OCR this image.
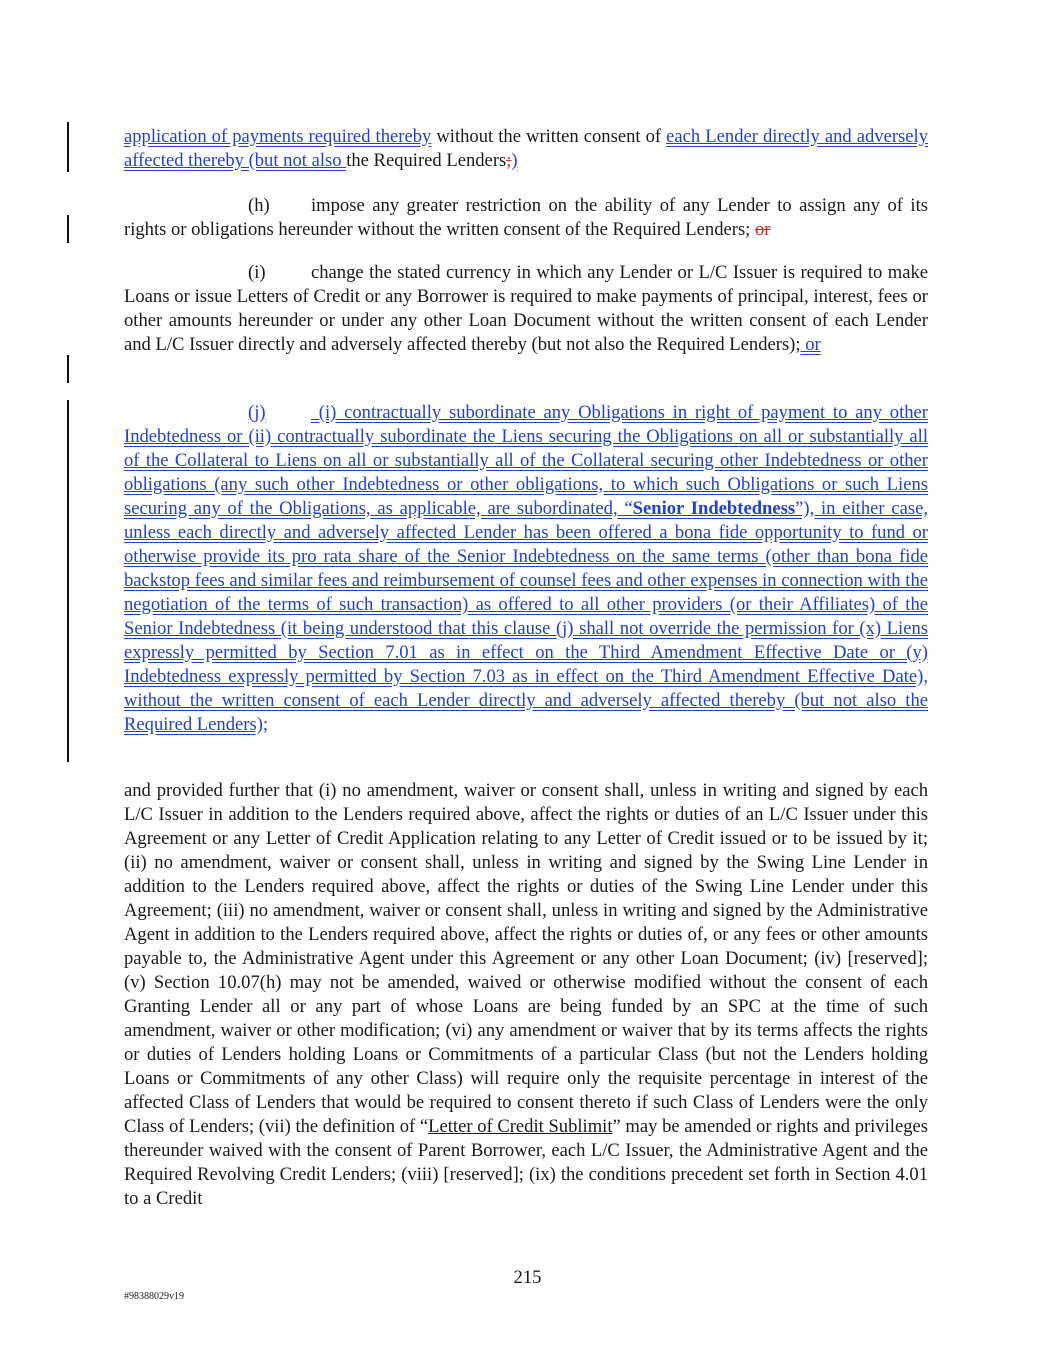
application of payments required thereby without the written consent of each Lender directly and adversely affected thereby (but not also the Required Lenders;)

(h) impose any greater restriction on the ability of any Lender to assign any of its rights or obligations hereunder without the written consent of the Required Lenders; or

(i) change the stated currency in which any Lender or L/C Issuer is required to make Loans or issue Letters of Credit or any Borrower is required to make payments of principal, interest, fees or other amounts hereunder or under any other Loan Document without the written consent of each Lender and L/C Issuer directly and adversely affected thereby (but not also the Required Lenders); or

(j) (i) contractually subordinate any Obligations in right of payment to any other Indebtedness or (ii) contractually subordinate the Liens securing the Obligations on all or substantially all of the Collateral to Liens on all or substantially all of the Collateral securing other Indebtedness or other obligations (any such other Indebtedness or other obligations, to which such Obligations or such Liens securing any of the Obligations, as applicable, are subordinated, “Senior Indebtedness”), in either case, unless each directly and adversely affected Lender has been offered a bona fide opportunity to fund or otherwise provide its pro rata share of the Senior Indebtedness on the same terms (other than bona fide backstop fees and similar fees and reimbursement of counsel fees and other expenses in connection with the negotiation of the terms of such transaction) as offered to all other providers (or their Affiliates) of the Senior Indebtedness (it being understood that this clause (j) shall not override the permission for (x) Liens expressly permitted by Section 7.01 as in effect on the Third Amendment Effective Date or (y) Indebtedness expressly permitted by Section 7.03 as in effect on the Third Amendment Effective Date), without the written consent of each Lender directly and adversely affected thereby (but not also the Required Lenders);

and provided further that (i) no amendment, waiver or consent shall, unless in writing and signed by each L/C Issuer in addition to the Lenders required above, affect the rights or duties of an L/C Issuer under this Agreement or any Letter of Credit Application relating to any Letter of Credit issued or to be issued by it; (ii) no amendment, waiver or consent shall, unless in writing and signed by the Swing Line Lender in addition to the Lenders required above, affect the rights or duties of the Swing Line Lender under this Agreement; (iii) no amendment, waiver or consent shall, unless in writing and signed by the Administrative Agent in addition to the Lenders required above, affect the rights or duties of, or any fees or other amounts payable to, the Administrative Agent under this Agreement or any other Loan Document; (iv) [reserved]; (v) Section 10.07(h) may not be amended, waived or otherwise modified without the consent of each Granting Lender all or any part of whose Loans are being funded by an SPC at the time of such amendment, waiver or other modification; (vi) any amendment or waiver that by its terms affects the rights or duties of Lenders holding Loans or Commitments of a particular Class (but not the Lenders holding Loans or Commitments of any other Class) will require only the requisite percentage in interest of the affected Class of Lenders that would be required to consent thereto if such Class of Lenders were the only Class of Lenders; (vii) the definition of “Letter of Credit Sublimit” may be amended or rights and privileges thereunder waived with the consent of Parent Borrower, each L/C Issuer, the Administrative Agent and the Required Revolving Credit Lenders; (viii) [reserved]; (ix) the conditions precedent set forth in Section 4.01 to a Credit

215
#98388029v19
